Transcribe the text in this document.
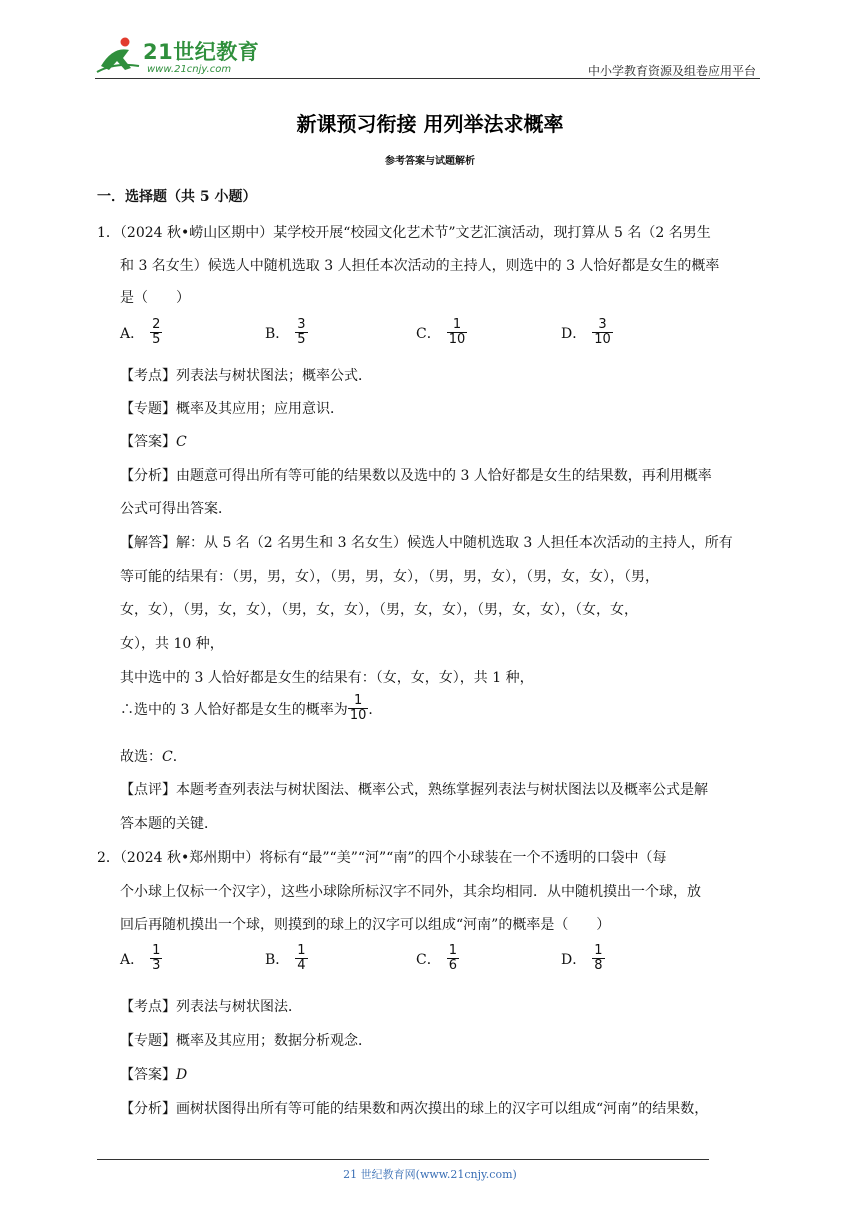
21世纪教育
www.21cnjy.com	中小学教育资源及组卷应用平台
新课预习衔接 用列举法求概率
参考答案与试题解析
一．选择题（共 5 小题）
1．（2024 秋•崂山区期中）某学校开展“校园文化艺术节”文艺汇演活动，现打算从 5 名（2 名男生
和 3 名女生）候选人中随机选取 3 人担任本次活动的主持人，则选中的 3 人恰好都是女生的概率
是（　　）
A． $\frac{2}{5}$	B． $\frac{3}{5}$	C． $\frac{1}{10}$	D． $\frac{3}{10}$
【考点】列表法与树状图法；概率公式．
【专题】概率及其应用；应用意识．
【答案】C
【分析】由题意可得出所有等可能的结果数以及选中的 3 人恰好都是女生的结果数，再利用概率
公式可得出答案．
【解答】解：从 5 名（2 名男生和 3 名女生）候选人中随机选取 3 人担任本次活动的主持人，所有
等可能的结果有：（男，男，女），（男，男，女），（男，男，女），（男，女，女），（男，
女，女），（男，女，女），（男，女，女），（男，女，女），（男，女，女），（女，女，
女），共 10 种，
其中选中的 3 人恰好都是女生的结果有：（女，女，女），共 1 种，
∴选中的 3 人恰好都是女生的概率为 $\frac{1}{10}$ ．
故选：C．
【点评】本题考查列表法与树状图法、概率公式，熟练掌握列表法与树状图法以及概率公式是解
答本题的关键．
2．（2024 秋•郑州期中）将标有“最”“美”“河”“南”的四个小球装在一个不透明的口袋中（每
个小球上仅标一个汉字），这些小球除所标汉字不同外，其余均相同．从中随机摸出一个球，放
回后再随机摸出一个球，则摸到的球上的汉字可以组成“河南”的概率是（　　）
A． $\frac{1}{3}$	B． $\frac{1}{4}$	C． $\frac{1}{6}$	D． $\frac{1}{8}$
【考点】列表法与树状图法．
【专题】概率及其应用；数据分析观念．
【答案】D
【分析】画树状图得出所有等可能的结果数和两次摸出的球上的汉字可以组成“河南”的结果数，
21 世纪教育网(www.21cnjy.com)
